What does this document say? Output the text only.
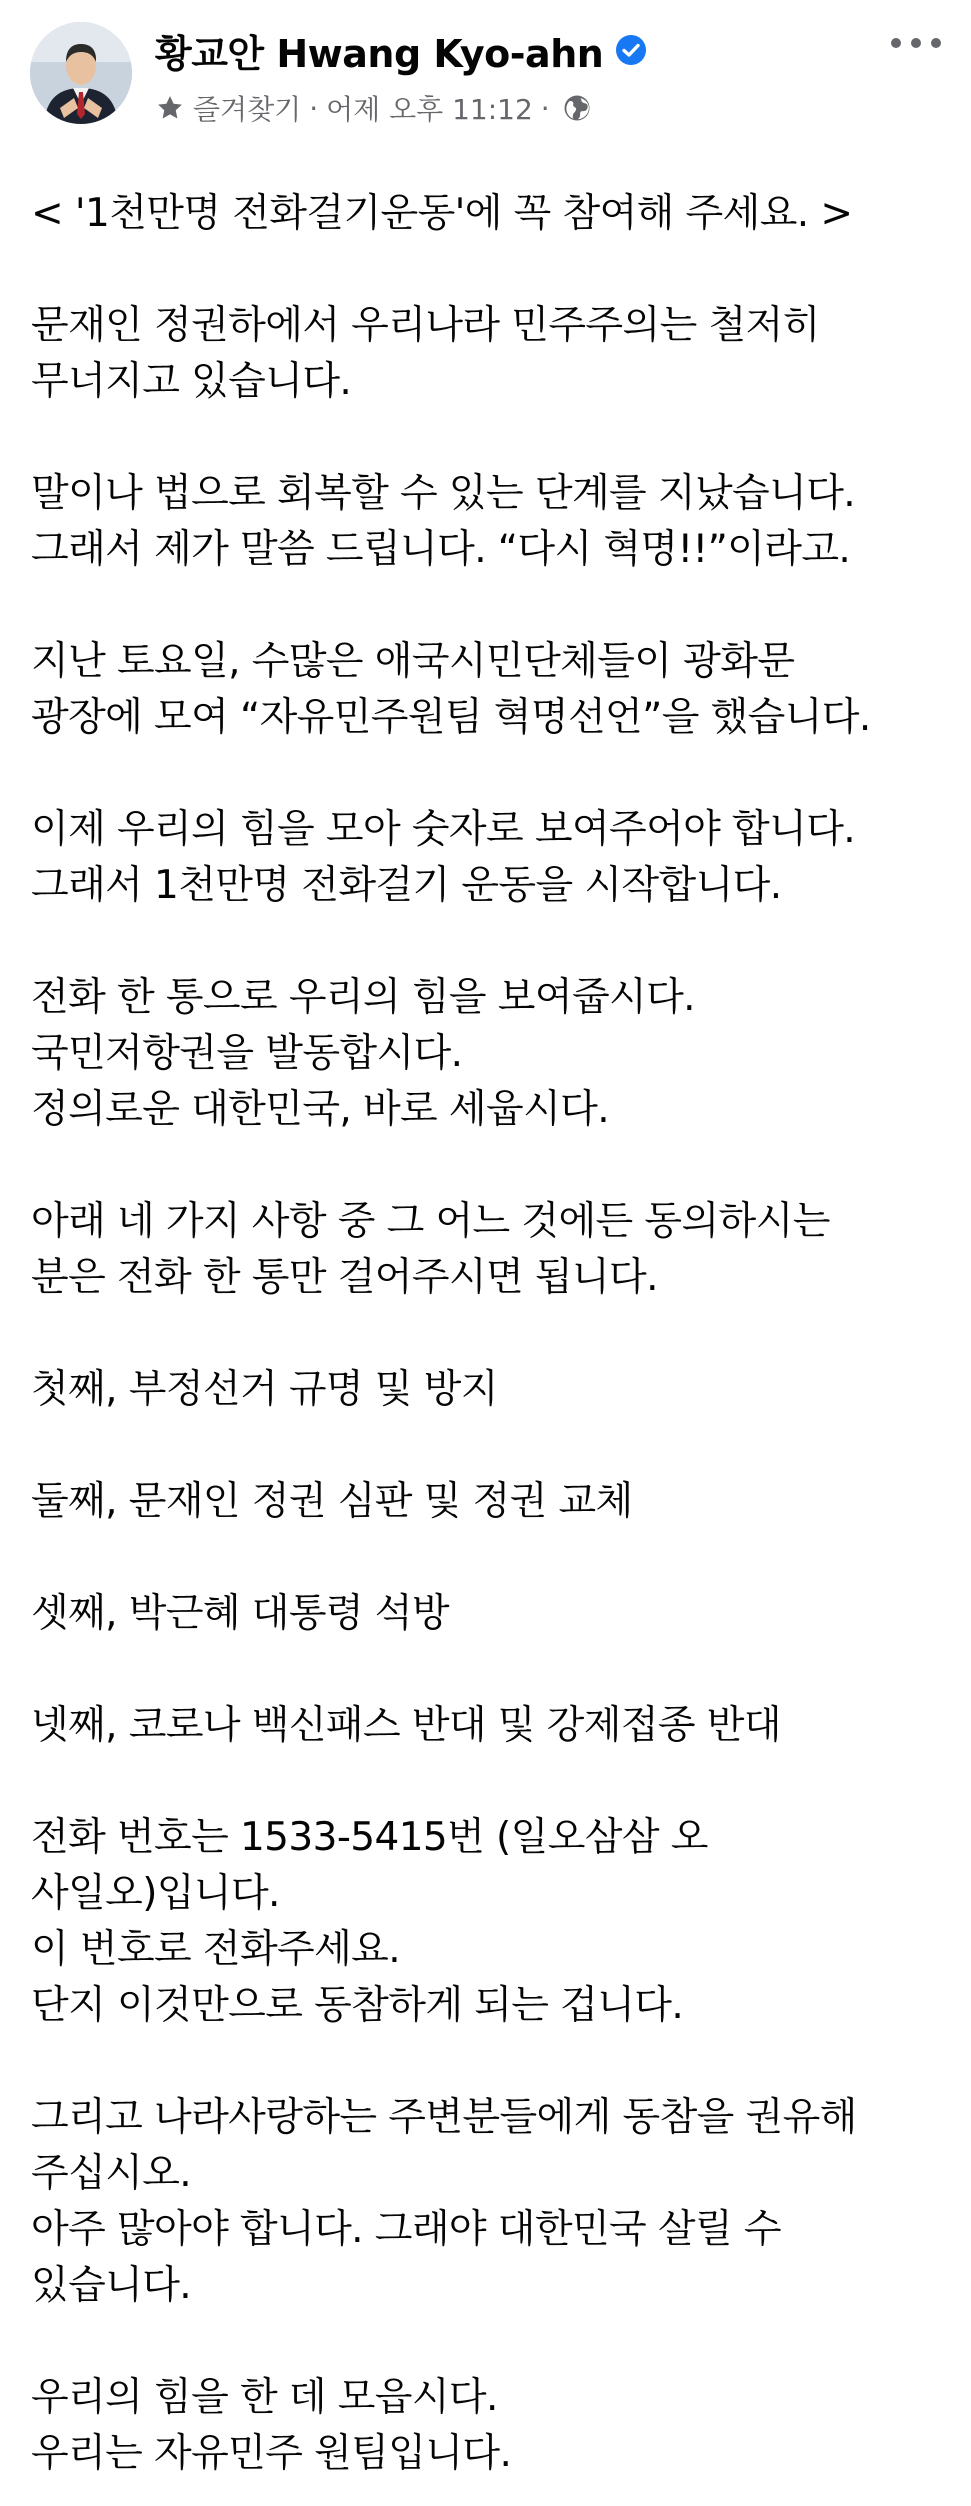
황교안 Hwang Kyo-ahn
즐겨찾기 · 어제 오후 11:12 ·
< '1천만명 전화걸기운동'에 꼭 참여해 주세요. >
문재인 정권하에서 우리나라 민주주의는 철저히
무너지고 있습니다.
말이나 법으로 회복할 수 있는 단계를 지났습니다.
그래서 제가 말씀 드립니다. “다시 혁명!!”이라고.
지난 토요일, 수많은 애국시민단체들이 광화문
광장에 모여 “자유민주원팀 혁명선언”을 했습니다.
이제 우리의 힘을 모아 숫자로 보여주어야 합니다.
그래서 1천만명 전화걸기 운동을 시작합니다.
전화 한 통으로 우리의 힘을 보여줍시다.
국민저항권을 발동합시다.
정의로운 대한민국, 바로 세웁시다.
아래 네 가지 사항 중 그 어느 것에든 동의하시는
분은 전화 한 통만 걸어주시면 됩니다.
첫째, 부정선거 규명 및 방지
둘째, 문재인 정권 심판 및 정권 교체
셋째, 박근혜 대통령 석방
넷째, 코로나 백신패스 반대 및 강제접종 반대
전화 번호는 1533-5415번 (일오삼삼 오
사일오)입니다.
이 번호로 전화주세요.
단지 이것만으로 동참하게 되는 겁니다.
그리고 나라사랑하는 주변분들에게 동참을 권유해
주십시오.
아주 많아야 합니다. 그래야 대한민국 살릴 수
있습니다.
우리의 힘을 한 데 모읍시다.
우리는 자유민주 원팀입니다.
